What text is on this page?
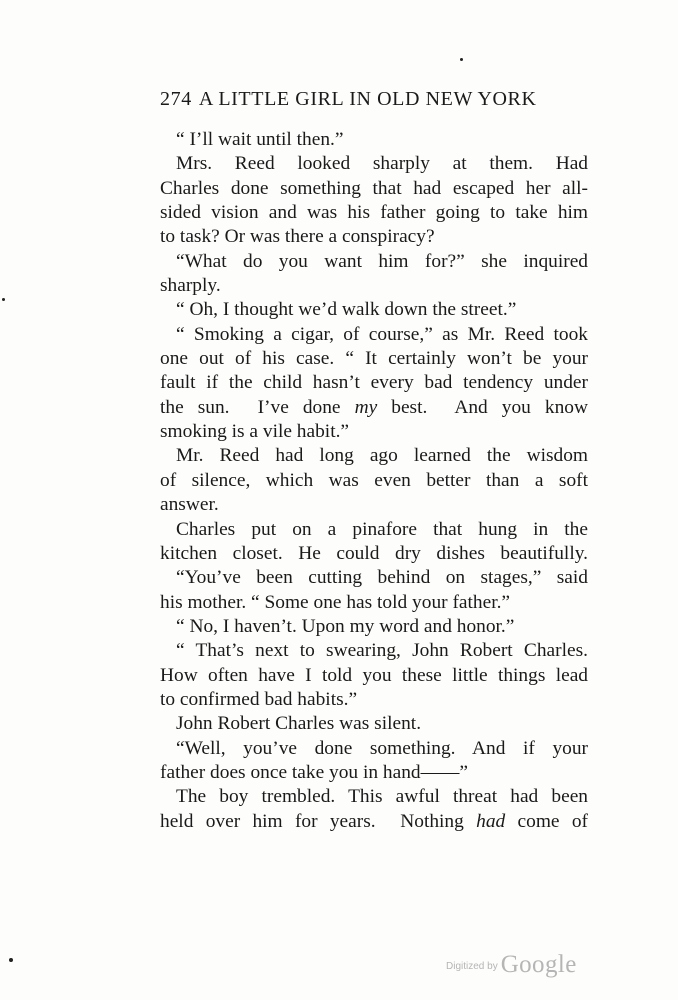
274 A LITTLE GIRL IN OLD NEW YORK
“ I’ll wait until then.”
Mrs. Reed looked sharply at them. Had
Charles done something that had escaped her all-
sided vision and was his father going to take him
to task? Or was there a conspiracy?
“What do you want him for?” she inquired
sharply.
“ Oh, I thought we’d walk down the street.”
“ Smoking a cigar, of course,” as Mr. Reed took
one out of his case. “ It certainly won’t be your
fault if the child hasn’t every bad tendency under
the sun.  I’ve done my best.  And you know
smoking is a vile habit.”
Mr. Reed had long ago learned the wisdom
of silence, which was even better than a soft
answer.
Charles put on a pinafore that hung in the
kitchen closet. He could dry dishes beautifully.
“You’ve been cutting behind on stages,” said
his mother. “ Some one has told your father.”
“ No, I haven’t. Upon my word and honor.”
“ That’s next to swearing, John Robert Charles.
How often have I told you these little things lead
to confirmed bad habits.”
John Robert Charles was silent.
“Well, you’ve done something. And if your
father does once take you in hand——”
The boy trembled. This awful threat had been
held over him for years.  Nothing had come of
Digitized by Google
